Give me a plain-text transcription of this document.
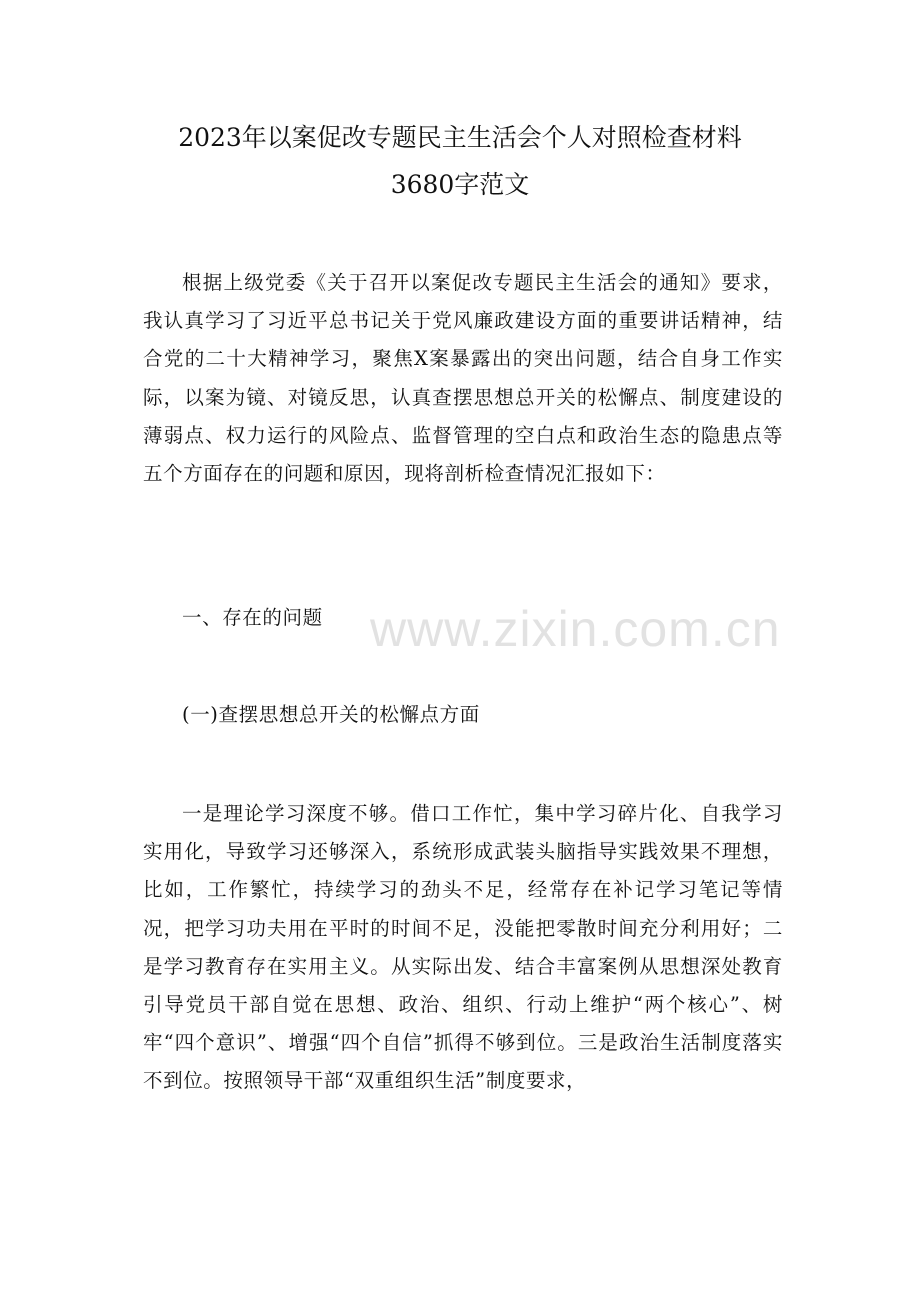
2023年以案促改专题民主生活会个人对照检查材料
3680字范文

根据上级党委《关于召开以案促改专题民主生活会的通知》要求，我认真学习了习近平总书记关于党风廉政建设方面的重要讲话精神，结合党的二十大精神学习，聚焦X案暴露出的突出问题，结合自身工作实际，以案为镜、对镜反思，认真查摆思想总开关的松懈点、制度建设的薄弱点、权力运行的风险点、监督管理的空白点和政治生态的隐患点等五个方面存在的问题和原因，现将剖析检查情况汇报如下：

一、存在的问题 www.zixin.com.cn
(一)查摆思想总开关的松懈点方面

一是理论学习深度不够。借口工作忙，集中学习碎片化、自我学习实用化，导致学习还够深入，系统形成武装头脑指导实践效果不理想，比如，工作繁忙，持续学习的劲头不足，经常存在补记学习笔记等情况，把学习功夫用在平时的时间不足，没能把零散时间充分利用好；二是学习教育存在实用主义。从实际出发、结合丰富案例从思想深处教育引导党员干部自觉在思想、政治、组织、行动上维护“两个核心”、树牢“四个意识”、增强“四个自信”抓得不够到位。三是政治生活制度落实不到位。按照领导干部“双重组织生活”制度要求，
